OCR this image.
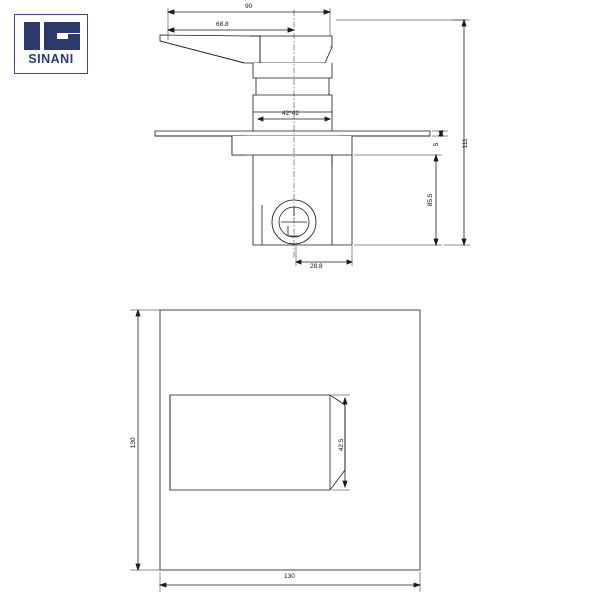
SINANI
90
68.8
42*42
5	111
85.5
28.8
130
130
42.5
